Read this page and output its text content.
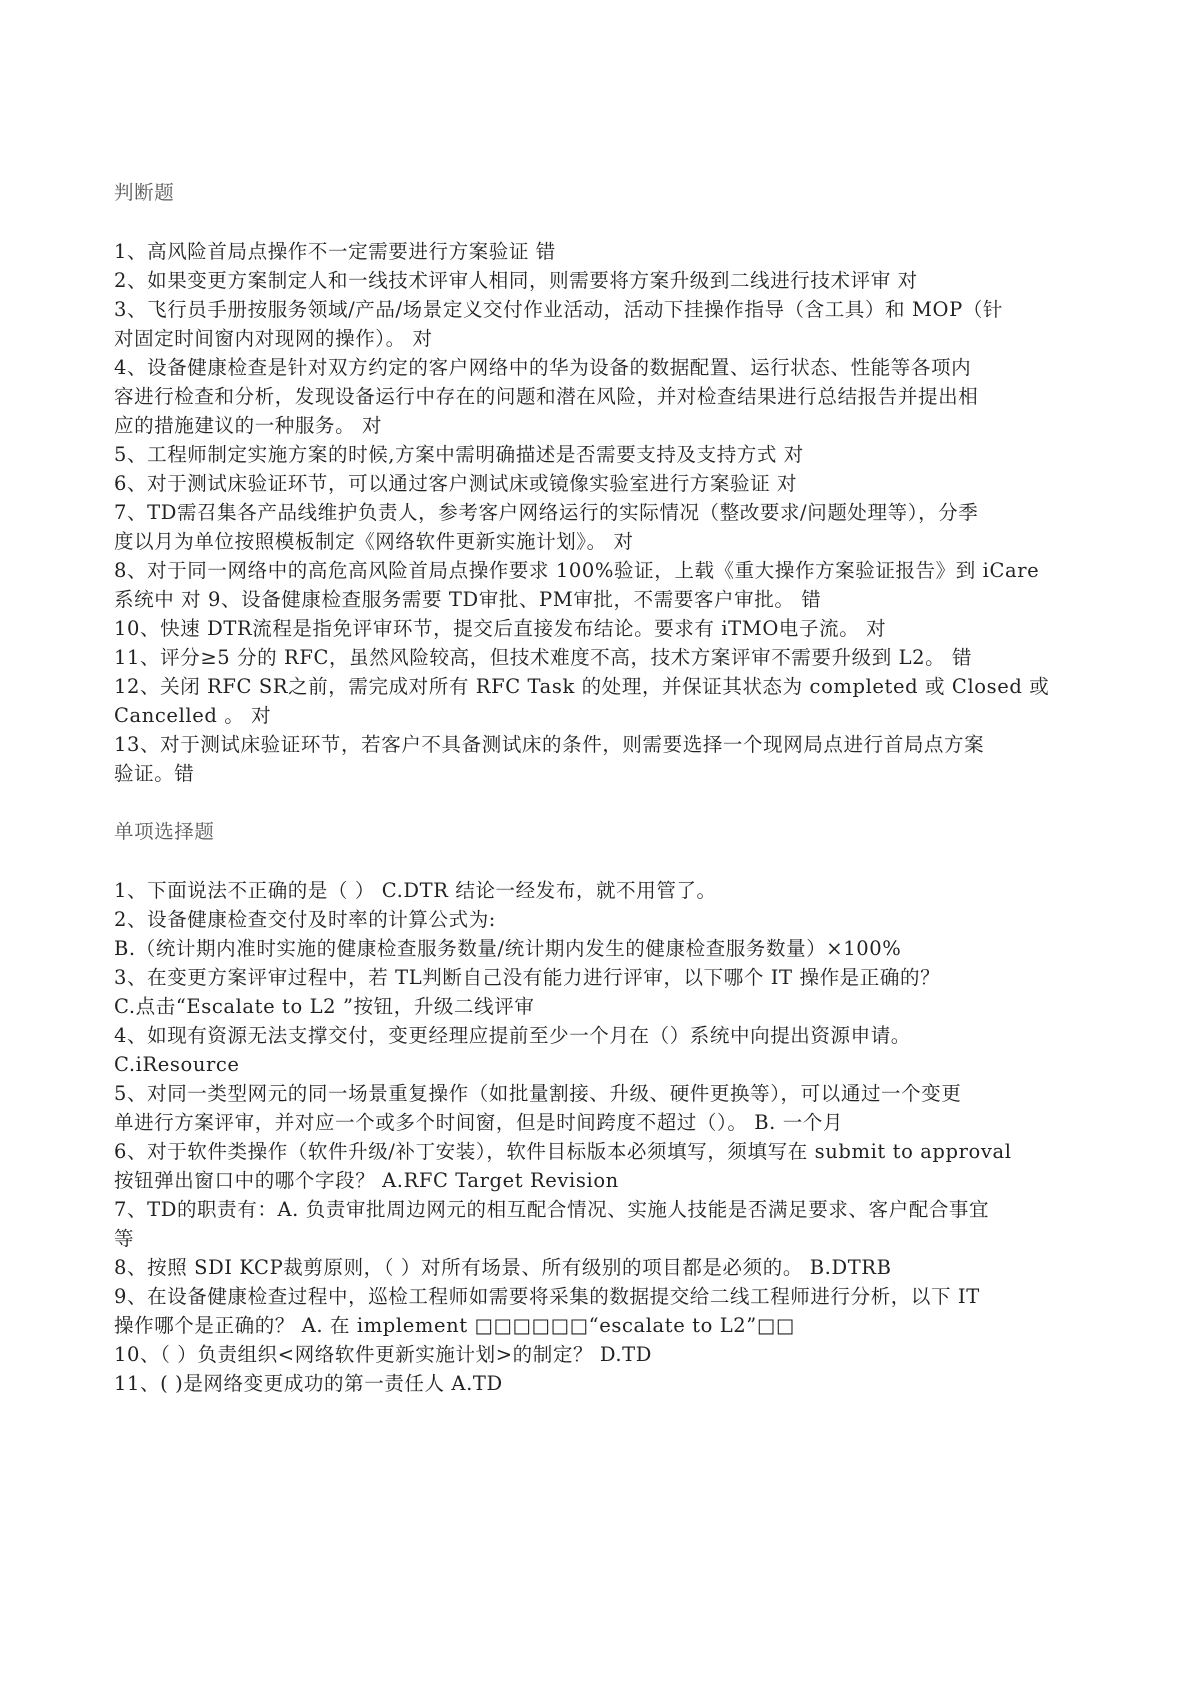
判断题
1、高风险首局点操作不一定需要进行方案验证 错
2、如果变更方案制定人和一线技术评审人相同，则需要将方案升级到二线进行技术评审 对
3、飞行员手册按服务领域/产品/场景定义交付作业活动，活动下挂操作指导（含工具）和 MOP（针
对固定时间窗内对现网的操作）。 对
4、设备健康检查是针对双方约定的客户网络中的华为设备的数据配置、运行状态、性能等各项内
容进行检查和分析，发现设备运行中存在的问题和潜在风险，并对检查结果进行总结报告并提出相
应的措施建议的一种服务。 对
5、工程师制定实施方案的时候,方案中需明确描述是否需要支持及支持方式 对
6、对于测试床验证环节，可以通过客户测试床或镜像实验室进行方案验证 对
7、TD需召集各产品线维护负责人，参考客户网络运行的实际情况（整改要求/问题处理等），分季
度以月为单位按照模板制定《网络软件更新实施计划》。 对
8、对于同一网络中的高危高风险首局点操作要求 100%验证，上载《重大操作方案验证报告》到 iCare
系统中 对 9、设备健康检查服务需要 TD审批、PM审批，不需要客户审批。 错
10、快速 DTR流程是指免评审环节，提交后直接发布结论。要求有 iTMO电子流。 对
11、评分≥5 分的 RFC，虽然风险较高，但技术难度不高，技术方案评审不需要升级到 L2。 错
12、关闭 RFC SR之前，需完成对所有 RFC Task 的处理，并保证其状态为 completed 或 Closed 或
Cancelled 。 对
13、对于测试床验证环节，若客户不具备测试床的条件，则需要选择一个现网局点进行首局点方案
验证。错
单项选择题
1、下面说法不正确的是（ ） C.DTR 结论一经发布，就不用管了。
2、设备健康检查交付及时率的计算公式为:
B.（统计期内准时实施的健康检查服务数量/统计期内发生的健康检查服务数量）×100%
3、在变更方案评审过程中，若 TL判断自己没有能力进行评审，以下哪个 IT 操作是正确的？
C.点击“Escalate to L2 ”按钮，升级二线评审
4、如现有资源无法支撑交付，变更经理应提前至少一个月在（）系统中向提出资源申请。
C.iResource
5、对同一类型网元的同一场景重复操作（如批量割接、升级、硬件更换等），可以通过一个变更
单进行方案评审，并对应一个或多个时间窗，但是时间跨度不超过（）。 B. 一个月
6、对于软件类操作（软件升级/补丁安装），软件目标版本必须填写，须填写在 submit to approval
按钮弹出窗口中的哪个字段？ A.RFC Target Revision
7、TD的职责有：A. 负责审批周边网元的相互配合情况、实施人技能是否满足要求、客户配合事宜
等
8、按照 SDI KCP裁剪原则，（ ）对所有场景、所有级别的项目都是必须的。 B.DTRB
9、在设备健康检查过程中，巡检工程师如需要将采集的数据提交给二线工程师进行分析，以下 IT
操作哪个是正确的？ A. 在 implement □□□□□□“escalate to L2”□□
10、（ ）负责组织<网络软件更新实施计划>的制定？ D.TD
11、( )是网络变更成功的第一责任人 A.TD
